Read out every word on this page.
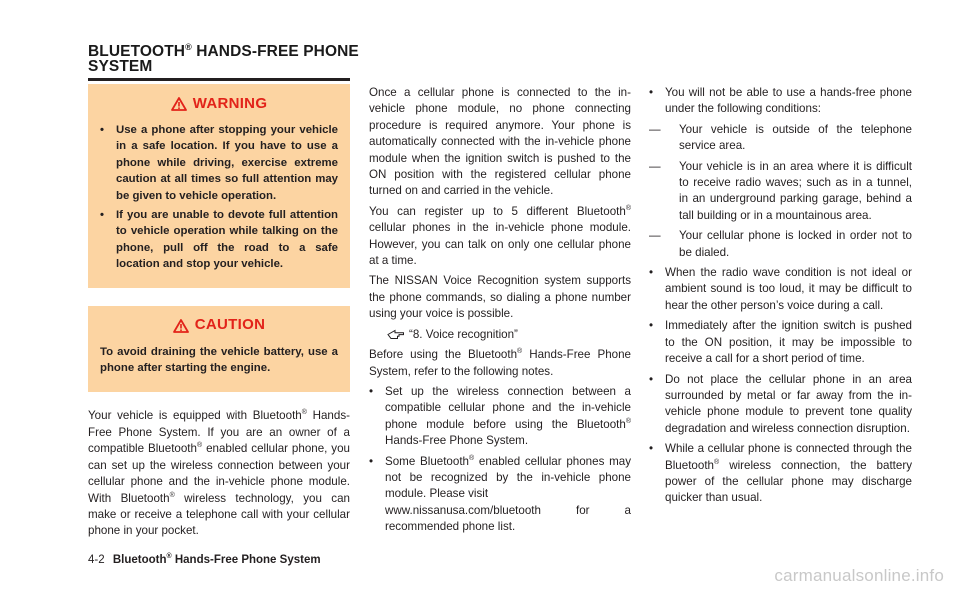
BLUETOOTH® HANDS-FREE PHONE
SYSTEM
WARNING
• Use a phone after stopping your vehicle in a safe location. If you have to use a phone while driving, exercise extreme caution at all times so full attention may be given to vehicle operation.
• If you are unable to devote full attention to vehicle operation while talking on the phone, pull off the road to a safe location and stop your vehicle.
CAUTION

To avoid draining the vehicle battery, use a phone after starting the engine.

Your vehicle is equipped with Bluetooth® Hands-Free Phone System. If you are an owner of a compatible Bluetooth® enabled cellular phone, you can set up the wireless connection between your cellular phone and the in-vehicle phone module. With Bluetooth® wireless technology, you can make or receive a telephone call with your cellular phone in your pocket.

Once a cellular phone is connected to the in-vehicle phone module, no phone connecting procedure is required anymore. Your phone is automatically connected with the in-vehicle phone module when the ignition switch is pushed to the ON position with the registered cellular phone turned on and carried in the vehicle.

You can register up to 5 different Bluetooth® cellular phones in the in-vehicle phone module. However, you can talk on only one cellular phone at a time.

The NISSAN Voice Recognition system supports the phone commands, so dialing a phone number using your voice is possible.

“8. Voice recognition”

Before using the Bluetooth® Hands-Free Phone System, refer to the following notes.

• Set up the wireless connection between a compatible cellular phone and the in-vehicle phone module before using the Bluetooth® Hands-Free Phone System.

• Some Bluetooth® enabled cellular phones may not be recognized by the in-vehicle phone module. Please visit
www.nissanusa.com/bluetooth for a recommended phone list.

• You will not be able to use a hands-free phone under the following conditions:

— Your vehicle is outside of the telephone service area.

— Your vehicle is in an area where it is difficult to receive radio waves; such as in a tunnel, in an underground parking garage, behind a tall building or in a mountainous area.

— Your cellular phone is locked in order not to be dialed.

• When the radio wave condition is not ideal or ambient sound is too loud, it may be difficult to hear the other person’s voice during a call.

• Immediately after the ignition switch is pushed to the ON position, it may be impossible to receive a call for a short period of time.

• Do not place the cellular phone in an area surrounded by metal or far away from the in-vehicle phone module to prevent tone quality degradation and wireless connection disruption.

• While a cellular phone is connected through the Bluetooth® wireless connection, the battery power of the cellular phone may discharge quicker than usual.

4-2 Bluetooth® Hands-Free Phone System
carmanualsonline.info
